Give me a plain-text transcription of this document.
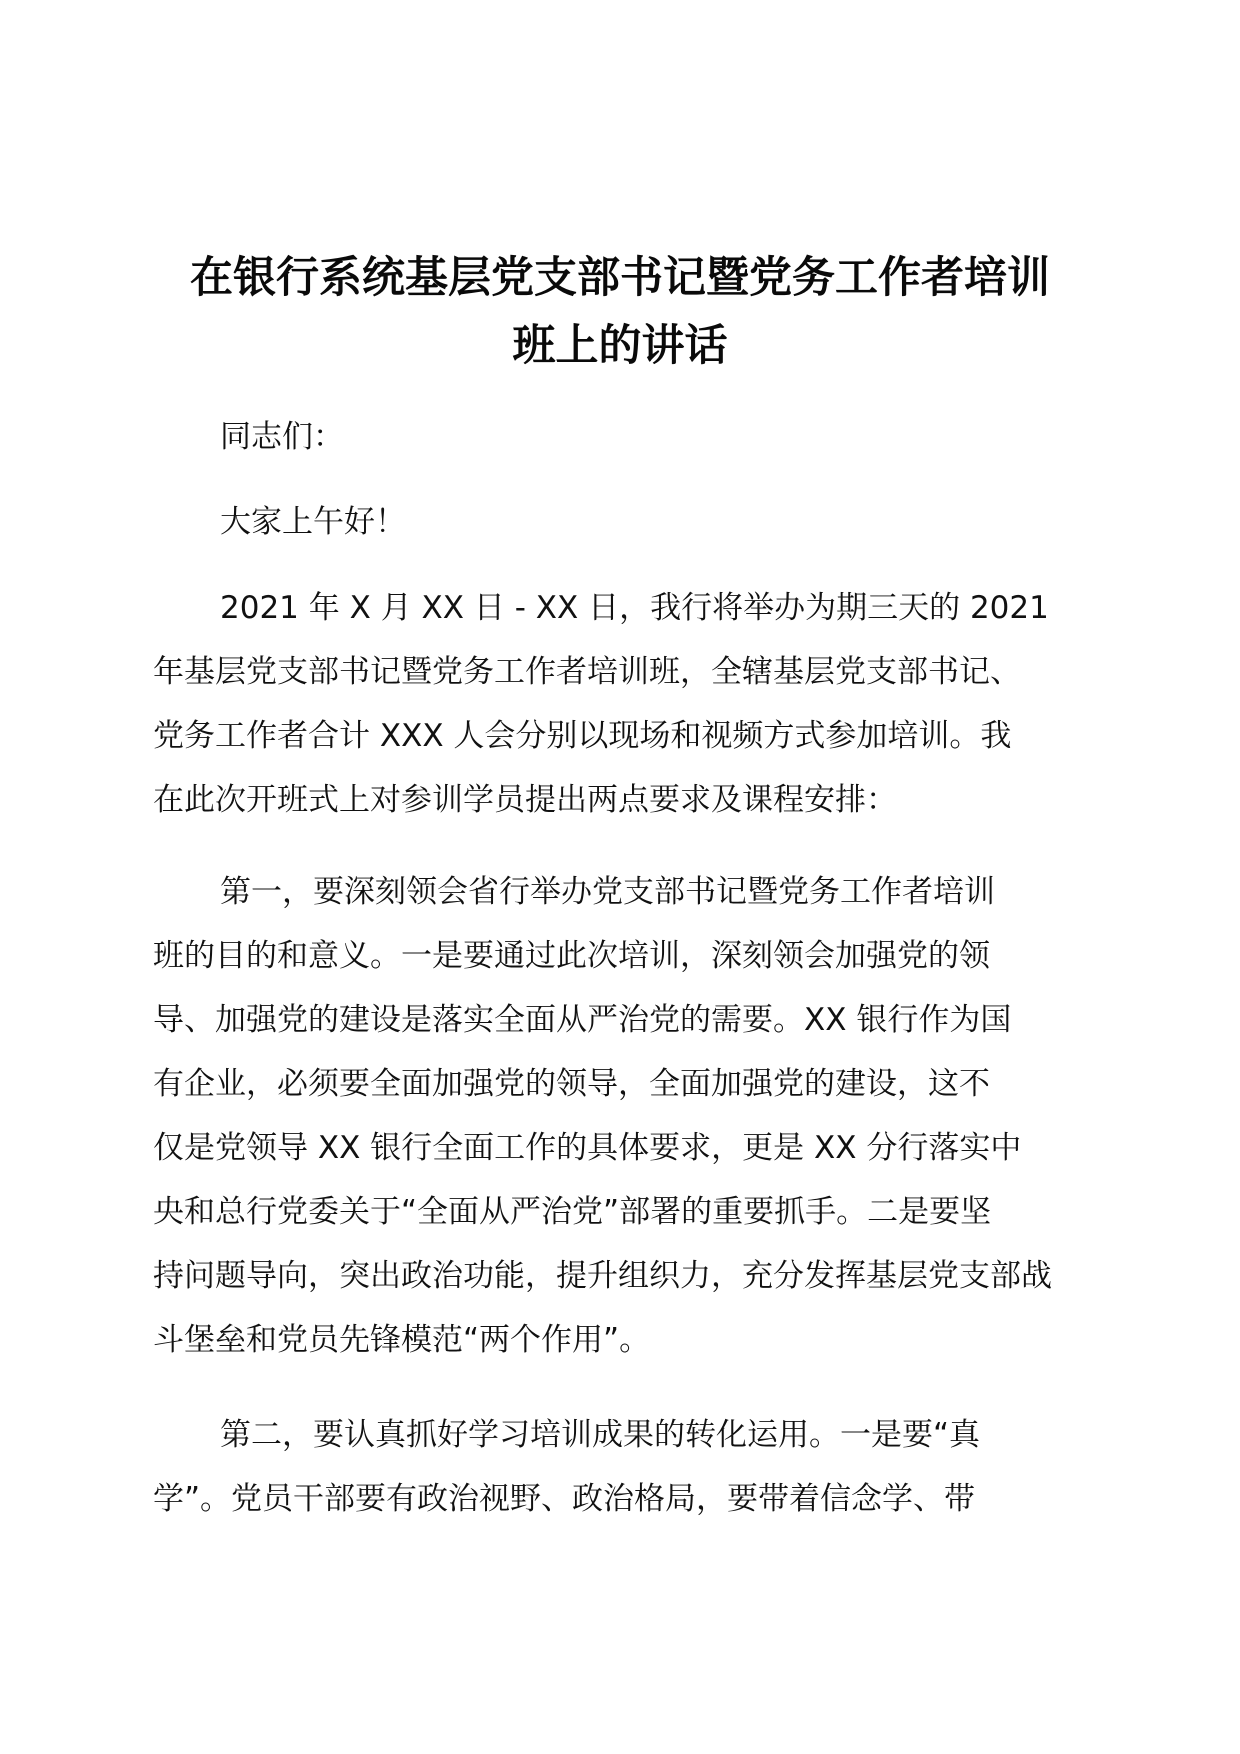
在银行系统基层党支部书记暨党务工作者培训
班上的讲话
同志们：
大家上午好！
2021 年 X 月 XX 日 - XX 日，我行将举办为期三天的 2021
年基层党支部书记暨党务工作者培训班，全辖基层党支部书记、
党务工作者合计 XXX 人会分别以现场和视频方式参加培训。我
在此次开班式上对参训学员提出两点要求及课程安排：
第一，要深刻领会省行举办党支部书记暨党务工作者培训
班的目的和意义。一是要通过此次培训，深刻领会加强党的领
导、加强党的建设是落实全面从严治党的需要。XX 银行作为国
有企业，必须要全面加强党的领导，全面加强党的建设，这不
仅是党领导 XX 银行全面工作的具体要求，更是 XX 分行落实中
央和总行党委关于“全面从严治党”部署的重要抓手。二是要坚
持问题导向，突出政治功能，提升组织力，充分发挥基层党支部战
斗堡垒和党员先锋模范“两个作用”。
第二，要认真抓好学习培训成果的转化运用。一是要“真
学”。党员干部要有政治视野、政治格局，要带着信念学、带
